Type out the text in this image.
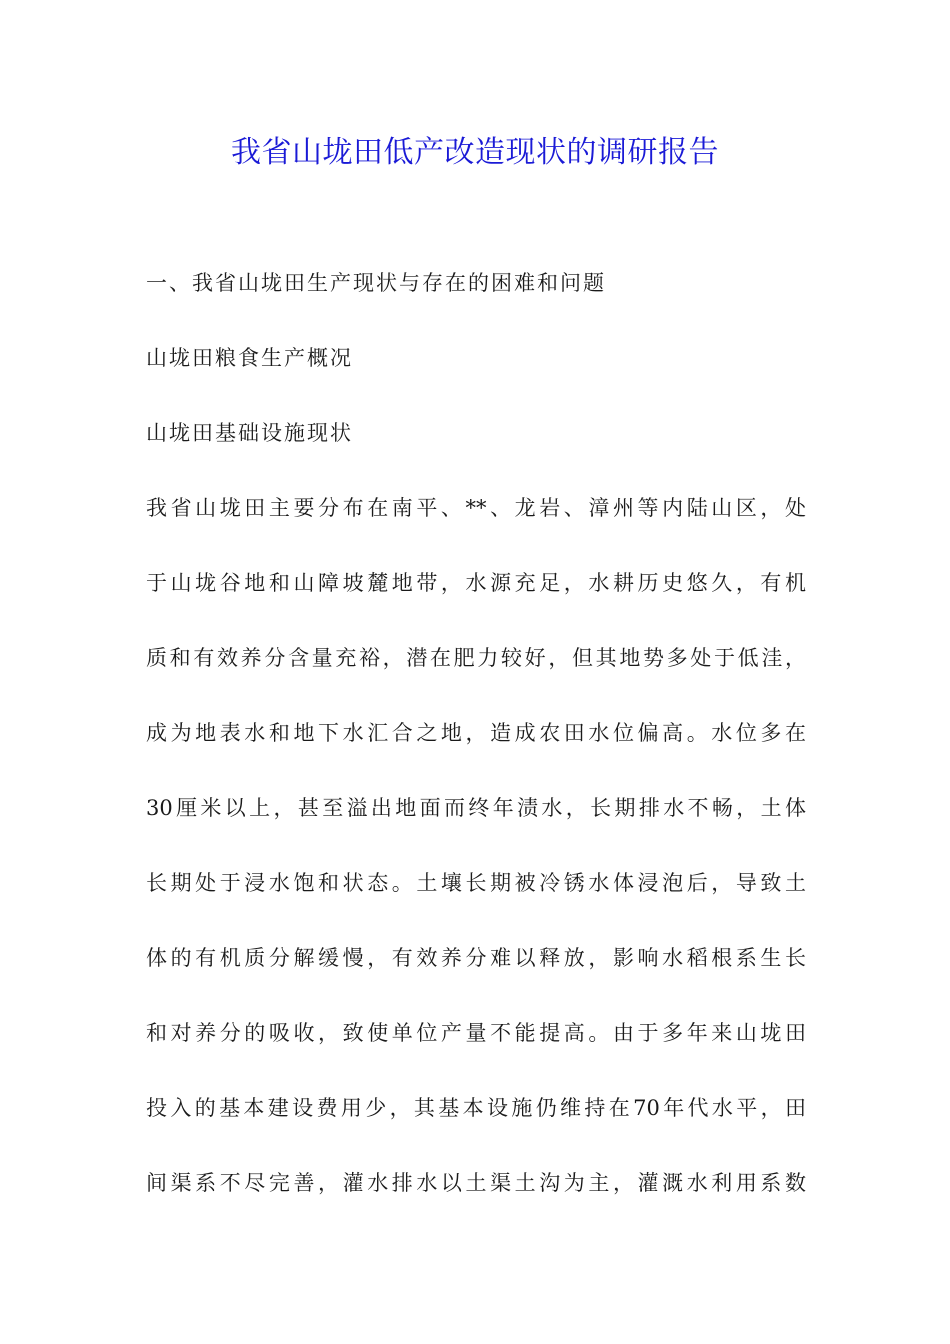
我省山垅田低产改造现状的调研报告
一、我省山垅田生产现状与存在的困难和问题
山垅田粮食生产概况
山垅田基础设施现状
我省山垅田主要分布在南平、**、龙岩、漳州等内陆山区，处
于山垅谷地和山障坡麓地带，水源充足，水耕历史悠久，有机
质和有效养分含量充裕，潜在肥力较好，但其地势多处于低洼，
成为地表水和地下水汇合之地，造成农田水位偏高。水位多在
30厘米以上，甚至溢出地面而终年渍水，长期排水不畅，土体
长期处于浸水饱和状态。土壤长期被冷锈水体浸泡后，导致土
体的有机质分解缓慢，有效养分难以释放，影响水稻根系生长
和对养分的吸收，致使单位产量不能提高。由于多年来山垅田
投入的基本建设费用少，其基本设施仍维持在70年代水平，田
间渠系不尽完善，灌水排水以土渠土沟为主，灌溉水利用系数
